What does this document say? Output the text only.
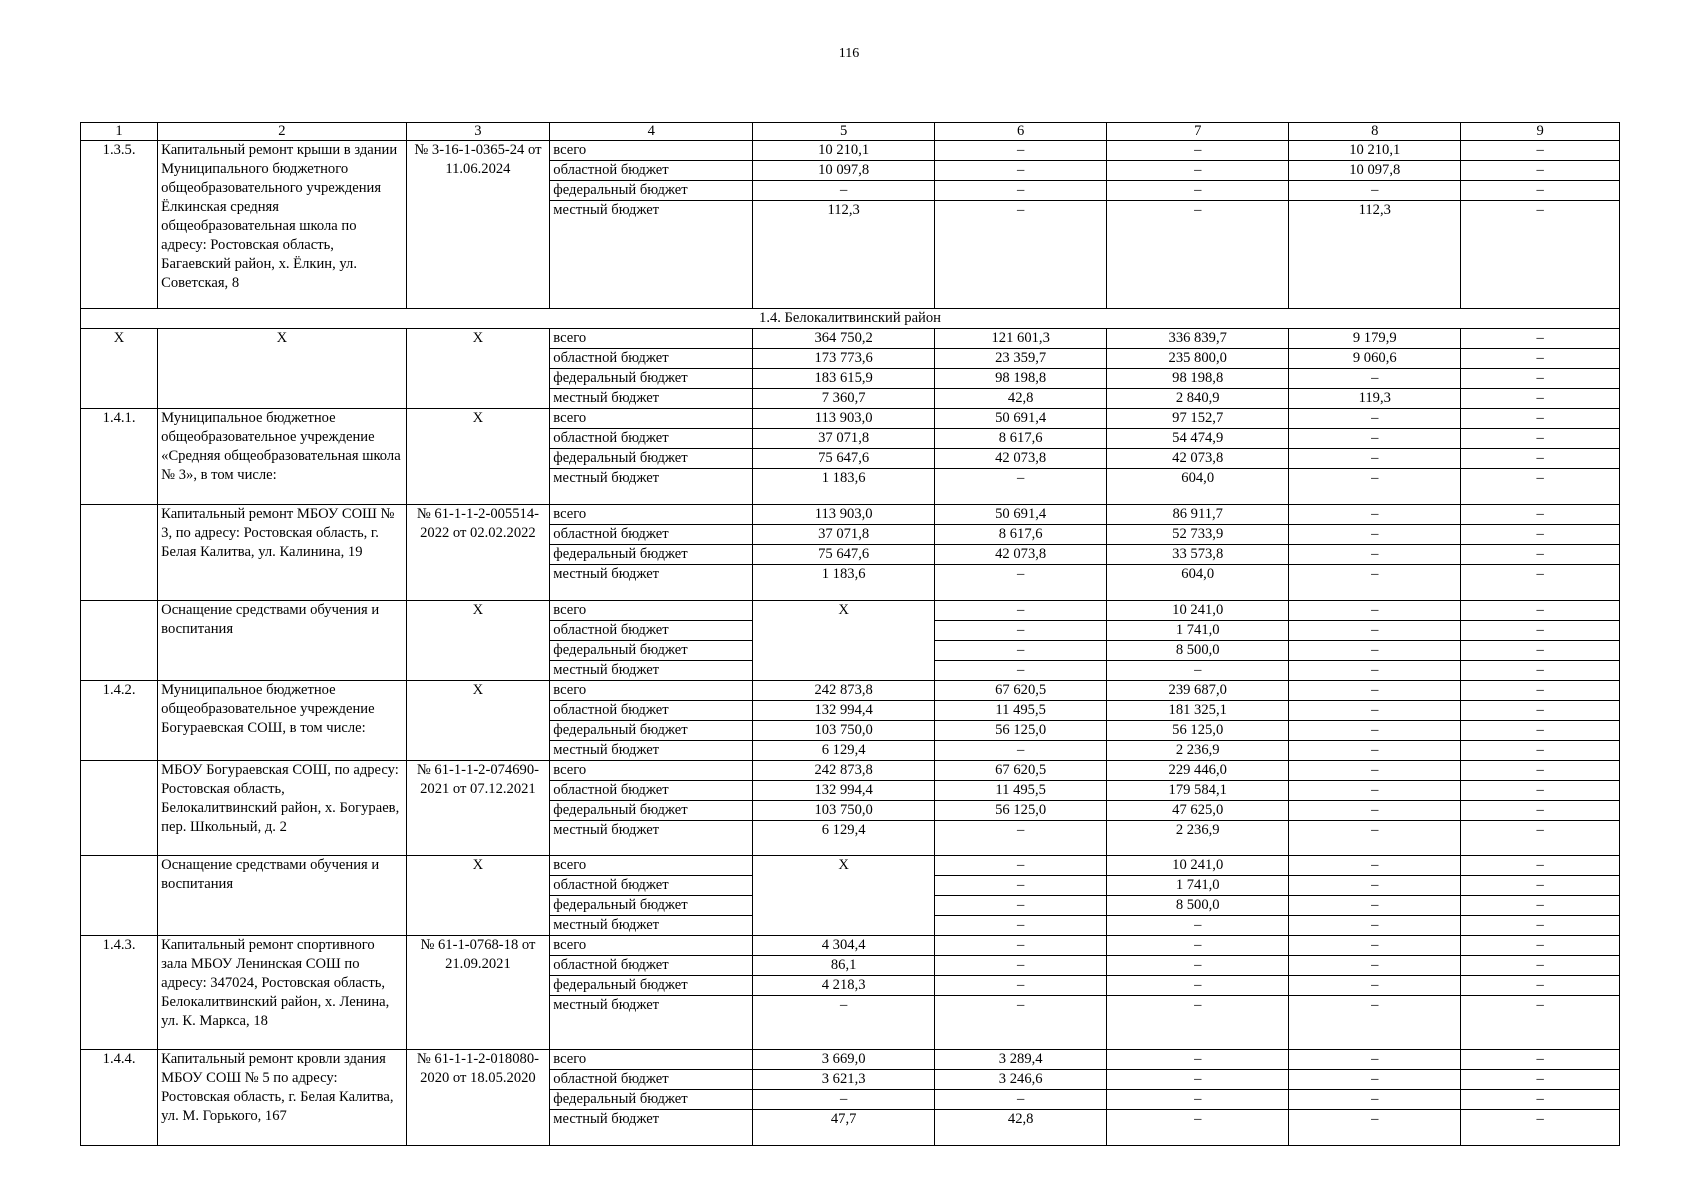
116
1	2	3	4	5	6	7	8	9
1.3.5.	Капитальный ремонт крыши в здании Муниципального бюджетного общеобразовательного учреждения Ёлкинская средняя общеобразовательная школа по адресу: Ростовская область, Багаевский район, х. Ёлкин, ул. Советская, 8	№ 3-16-1-0365-24 от 11.06.2024	всего	10 210,1	–	–	10 210,1	–
			областной бюджет	10 097,8	–	–	10 097,8	–
			федеральный бюджет	–	–	–	–	–
			местный бюджет	112,3	–	–	112,3	–
1.4. Белокалитвинский район								
Х	Х	Х	всего	364 750,2	121 601,3	336 839,7	9 179,9	–
			областной бюджет	173 773,6	23 359,7	235 800,0	9 060,6	–
			федеральный бюджет	183 615,9	98 198,8	98 198,8	–	–
			местный бюджет	7 360,7	42,8	2 840,9	119,3	–
1.4.1.	Муниципальное бюджетное общеобразовательное учреждение «Средняя общеобразовательная школа № 3», в том числе:	Х	всего	113 903,0	50 691,4	97 152,7	–	–
			областной бюджет	37 071,8	8 617,6	54 474,9	–	–
			федеральный бюджет	75 647,6	42 073,8	42 073,8	–	–
			местный бюджет	1 183,6	–	604,0	–	–
	Капитальный ремонт МБОУ СОШ № 3, по адресу: Ростовская область, г. Белая Калитва, ул. Калинина, 19	№ 61-1-1-2-005514-2022 от 02.02.2022	всего	113 903,0	50 691,4	86 911,7	–	–
			областной бюджет	37 071,8	8 617,6	52 733,9	–	–
			федеральный бюджет	75 647,6	42 073,8	33 573,8	–	–
			местный бюджет	1 183,6	–	604,0	–	–
	Оснащение средствами обучения и воспитания	Х	всего	Х	–	10 241,0	–	–
			областной бюджет		–	1 741,0	–	–
			федеральный бюджет		–	8 500,0	–	–
			местный бюджет		–	–	–	–
1.4.2.	Муниципальное бюджетное общеобразовательное учреждение Богураевская СОШ, в том числе:	Х	всего	242 873,8	67 620,5	239 687,0	–	–
			областной бюджет	132 994,4	11 495,5	181 325,1	–	–
			федеральный бюджет	103 750,0	56 125,0	56 125,0	–	–
			местный бюджет	6 129,4	–	2 236,9	–	–
	МБОУ Богураевская СОШ, по адресу: Ростовская область, Белокалитвинский район, х. Богураев, пер. Школьный, д. 2	№ 61-1-1-2-074690-2021 от 07.12.2021	всего	242 873,8	67 620,5	229 446,0	–	–
			областной бюджет	132 994,4	11 495,5	179 584,1	–	–
			федеральный бюджет	103 750,0	56 125,0	47 625,0	–	–
			местный бюджет	6 129,4	–	2 236,9	–	–
	Оснащение средствами обучения и воспитания	Х	всего	Х	–	10 241,0	–	–
			областной бюджет		–	1 741,0	–	–
			федеральный бюджет		–	8 500,0	–	–
			местный бюджет		–	–	–	–
1.4.3.	Капитальный ремонт спортивного зала МБОУ Ленинская СОШ по адресу: 347024, Ростовская область, Белокалитвинский район, х. Ленина, ул. К. Маркса, 18	№ 61-1-0768-18 от 21.09.2021	всего	4 304,4	–	–	–	–
			областной бюджет	86,1	–	–	–	–
			федеральный бюджет	4 218,3	–	–	–	–
			местный бюджет	–	–	–	–	–
1.4.4.	Капитальный ремонт кровли здания МБОУ СОШ № 5 по адресу: Ростовская область, г. Белая Калитва, ул. М. Горького, 167	№ 61-1-1-2-018080-2020 от 18.05.2020	всего	3 669,0	3 289,4	–	–	–
			областной бюджет	3 621,3	3 246,6	–	–	–
			федеральный бюджет	–	–	–	–	–
			местный бюджет	47,7	42,8	–	–	–
